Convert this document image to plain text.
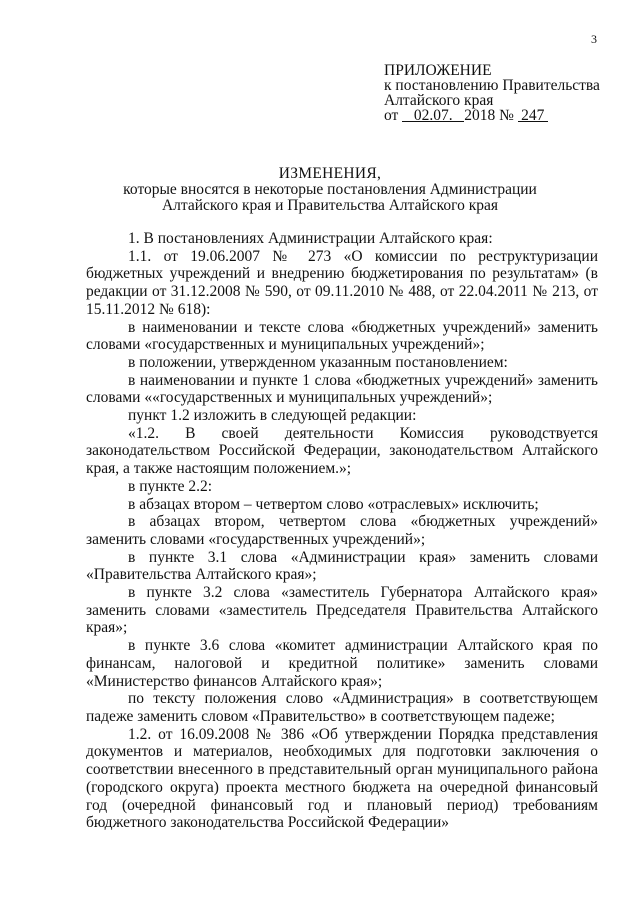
3
ПРИЛОЖЕНИЕ
к постановлению Правительства
Алтайского края
от 02.07. 2018 № 247
ИЗМЕНЕНИЯ,
которые вносятся в некоторые постановления Администрации
Алтайского края и Правительства Алтайского края

1. В постановлениях Администрации Алтайского края:

1.1. от 19.06.2007 № 273 «О комиссии по реструктуризации бюджетных учреждений и внедрению бюджетирования по результатам» (в редакции от 31.12.2008 № 590, от 09.11.2010 № 488, от 22.04.2011 № 213, от 15.11.2012 № 618):

в наименовании и тексте слова «бюджетных учреждений» заменить словами «государственных и муниципальных учреждений»;

в положении, утвержденном указанным постановлением:

в наименовании и пункте 1 слова «бюджетных учреждений» заменить словами ««государственных и муниципальных учреждений»;

пункт 1.2 изложить в следующей редакции:

«1.2. В своей деятельности Комиссия руководствуется законодательством Российской Федерации, законодательством Алтайского края, а также настоящим положением.»;

в пункте 2.2:

в абзацах втором – четвертом слово «отраслевых» исключить;

в абзацах втором, четвертом слова «бюджетных учреждений» заменить словами «государственных учреждений»;

в пункте 3.1 слова «Администрации края» заменить словами «Правительства Алтайского края»;

в пункте 3.2 слова «заместитель Губернатора Алтайского края» заменить словами «заместитель Председателя Правительства Алтайского края»;

в пункте 3.6 слова «комитет администрации Алтайского края по финансам, налоговой и кредитной политике» заменить словами «Министерство финансов Алтайского края»;

по тексту положения слово «Администрация» в соответствующем падеже заменить словом «Правительство» в соответствующем падеже;

1.2. от 16.09.2008 № 386 «Об утверждении Порядка представления документов и материалов, необходимых для подготовки заключения о соответствии внесенного в представительный орган муниципального района (городского округа) проекта местного бюджета на очередной финансовый год (очередной финансовый год и плановый период) требованиям бюджетного законодательства Российской Федерации»
